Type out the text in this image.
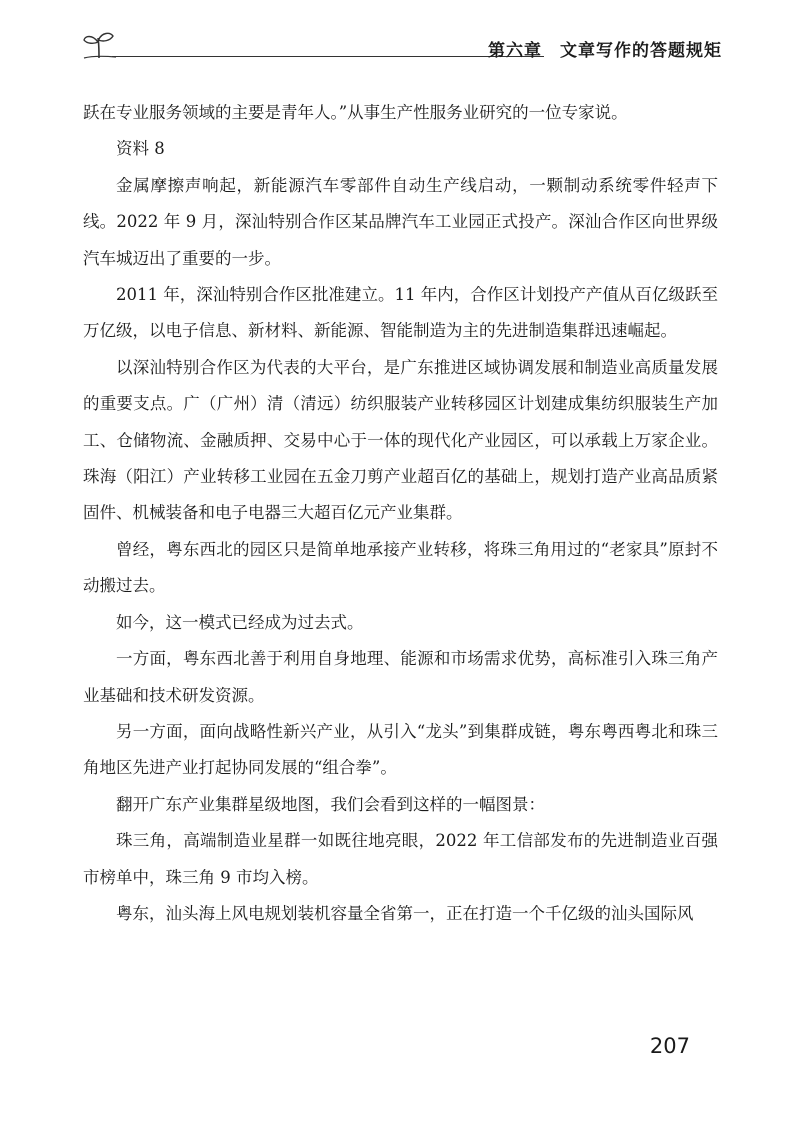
第六章 文章写作的答题规矩

跃在专业服务领域的主要是青年人。”从事生产性服务业研究的一位专家说。

资料 8

金属摩擦声响起，新能源汽车零部件自动生产线启动，一颗制动系统零件轻声下线。2022 年 9 月，深汕特别合作区某品牌汽车工业园正式投产。深汕合作区向世界级汽车城迈出了重要的一步。

2011 年，深汕特别合作区批准建立。11 年内，合作区计划投产产值从百亿级跃至万亿级，以电子信息、新材料、新能源、智能制造为主的先进制造集群迅速崛起。

以深汕特别合作区为代表的大平台，是广东推进区域协调发展和制造业高质量发展的重要支点。广（广州）清（清远）纺织服装产业转移园区计划建成集纺织服装生产加工、仓储物流、金融质押、交易中心于一体的现代化产业园区，可以承载上万家企业。珠海（阳江）产业转移工业园在五金刀剪产业超百亿的基础上，规划打造产业高品质紧固件、机械装备和电子电器三大超百亿元产业集群。

曾经，粤东西北的园区只是简单地承接产业转移，将珠三角用过的“老家具”原封不动搬过去。

如今，这一模式已经成为过去式。

一方面，粤东西北善于利用自身地理、能源和市场需求优势，高标准引入珠三角产业基础和技术研发资源。

另一方面，面向战略性新兴产业，从引入“龙头”到集群成链，粤东粤西粤北和珠三角地区先进产业打起协同发展的“组合拳”。

翻开广东产业集群星级地图，我们会看到这样的一幅图景：

珠三角，高端制造业星群一如既往地亮眼，2022 年工信部发布的先进制造业百强市榜单中，珠三角 9 市均入榜。

粤东，汕头海上风电规划装机容量全省第一，正在打造一个千亿级的汕头国际风

207
